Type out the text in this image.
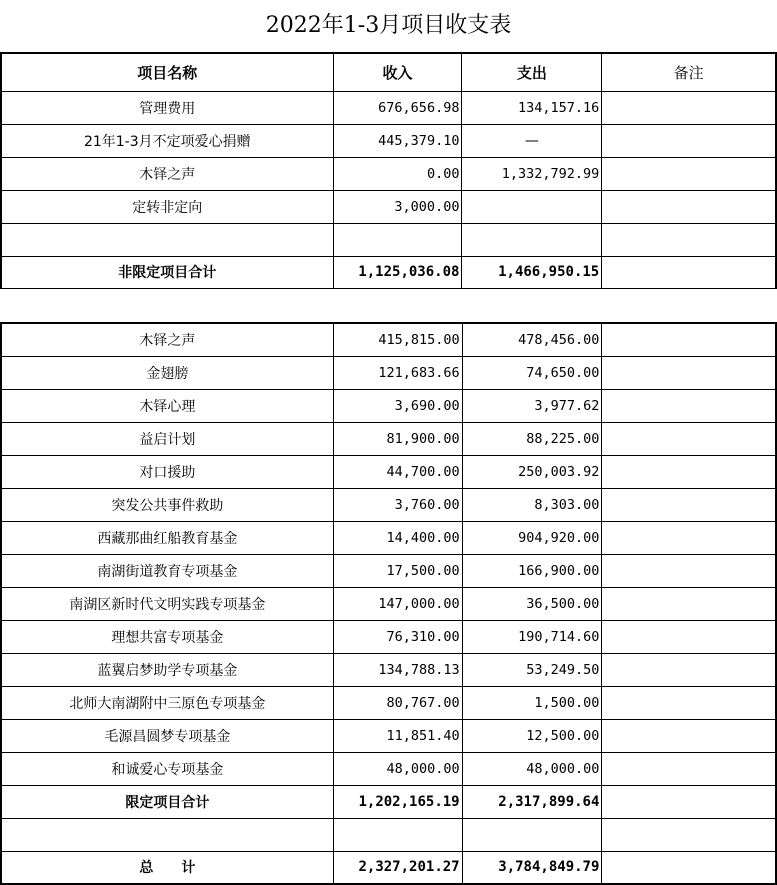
2022年1-3月项目收支表
项目名称	收入	支出	备注
管理费用	676,656.98	134,157.16	
21年1-3月不定项爱心捐赠	445,379.10	—	
木铎之声	0.00	1,332,792.99	
定转非定向	3,000.00		

非限定项目合计	1,125,036.08	1,466,950.15	
木铎之声	415,815.00	478,456.00	
金翅膀	121,683.66	74,650.00	
木铎心理	3,690.00	3,977.62	
益启计划	81,900.00	88,225.00	
对口援助	44,700.00	250,003.92	
突发公共事件救助	3,760.00	8,303.00	
西藏那曲红船教育基金	14,400.00	904,920.00	
南湖街道教育专项基金	17,500.00	166,900.00	
南湖区新时代文明实践专项基金	147,000.00	36,500.00	
理想共富专项基金	76,310.00	190,714.60	
蓝翼启梦助学专项基金	134,788.13	53,249.50	
北师大南湖附中三原色专项基金	80,767.00	1,500.00	
毛源昌圆梦专项基金	11,851.40	12,500.00	
和诚爱心专项基金	48,000.00	48,000.00	
限定项目合计	1,202,165.19	2,317,899.64	

总　　计	2,327,201.27	3,784,849.79	
